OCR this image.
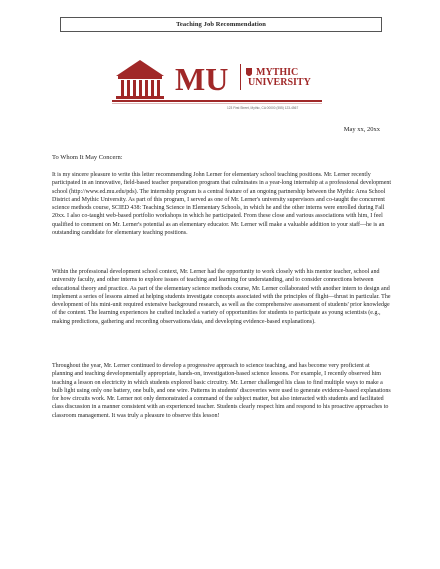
Teaching Job Recommendation
MU	MYTHIC
UNIVERSITY
123 First Street, Mythic, CA 00000 (555) 123-4567
May xx, 20xx
To Whom It May Concern:

It is my sincere pleasure to write this letter recommending John Lerner for elementary school teaching positions. Mr. Lerner recently participated in an innovative, field-based teacher preparation program that culminates in a year-long internship at a professional development school (http://www.ed.mu.edu/pds). The internship program is a central feature of an ongoing partnership between the Mythic Area School District and Mythic University. As part of this program, I served as one of Mr. Lerner's university supervisors and co-taught the concurrent science methods course, SCIED 438: Teaching Science in Elementary Schools, in which he and the other interns were enrolled during Fall 20xx. I also co-taught web-based portfolio workshops in which he participated. From these close and various associations with him, I feel qualified to comment on Mr. Lerner's potential as an elementary educator. Mr. Lerner will make a valuable addition to your staff—he is an outstanding candidate for elementary teaching positions.

Within the professional development school context, Mr. Lerner had the opportunity to work closely with his mentor teacher, school and university faculty, and other interns to explore issues of teaching and learning for understanding, and to consider connections between educational theory and practice. As part of the elementary science methods course, Mr. Lerner collaborated with another intern to design and implement a series of lessons aimed at helping students investigate concepts associated with the principles of flight—thrust in particular. The development of his mini-unit required extensive background research, as well as the comprehensive assessment of students' prior knowledge of the content. The learning experiences he crafted included a variety of opportunities for students to participate as young scientists (e.g., making predictions, gathering and recording observations/data, and developing evidence-based explanations).

Throughout the year, Mr. Lerner continued to develop a progressive approach to science teaching, and has become very proficient at planning and teaching developmentally appropriate, hands-on, investigation-based science lessons. For example, I recently observed him teaching a lesson on electricity in which students explored basic circuitry. Mr. Lerner challenged his class to find multiple ways to make a bulb light using only one battery, one bulb, and one wire. Patterns in students' discoveries were used to generate evidence-based explanations for how circuits work. Mr. Lerner not only demonstrated a command of the subject matter, but also interacted with students and facilitated class discussion in a manner consistent with an experienced teacher. Students clearly respect him and respond to his proactive approaches to classroom management. It was truly a pleasure to observe this lesson!
